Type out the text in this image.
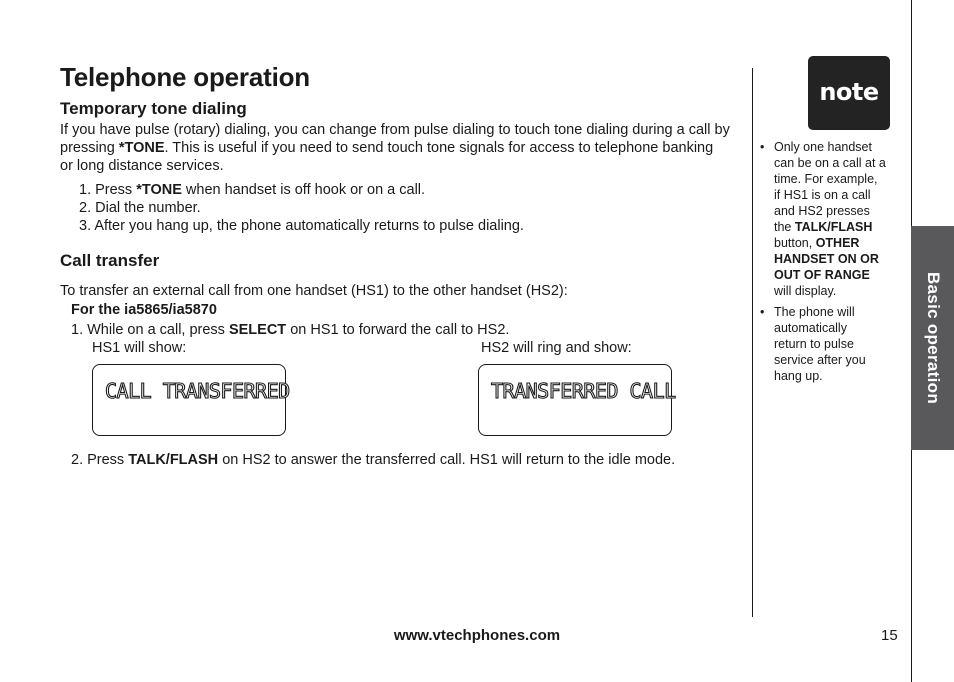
Telephone operation
Temporary tone dialing
If you have pulse (rotary) dialing, you can change from pulse dialing to touch tone dialing during a call by
pressing *TONE. This is useful if you need to send touch tone signals for access to telephone banking
or long distance services.
1. Press *TONE when handset is off hook or on a call.
2. Dial the number.
3. After you hang up, the phone automatically returns to pulse dialing.
Call transfer
To transfer an external call from one handset (HS1) to the other handset (HS2):
For the ia5865/ia5870
1. While on a call, press SELECT on HS1 to forward the call to HS2.
HS1 will show:	HS2 will ring and show:
CALL TRANSFERRED	TRANSFERRED CALL
2. Press TALK/FLASH on HS2 to answer the transferred call. HS1 will return to the idle mode.
Basic operation
note
• Only one handset
can be on a call at a
time. For example,
if HS1 is on a call
and HS2 presses
the TALK/FLASH
button, OTHER
HANDSET ON OR
OUT OF RANGE
will display.
• The phone will
automatically
return to pulse
service after you
hang up.
www.vtechphones.com	15
